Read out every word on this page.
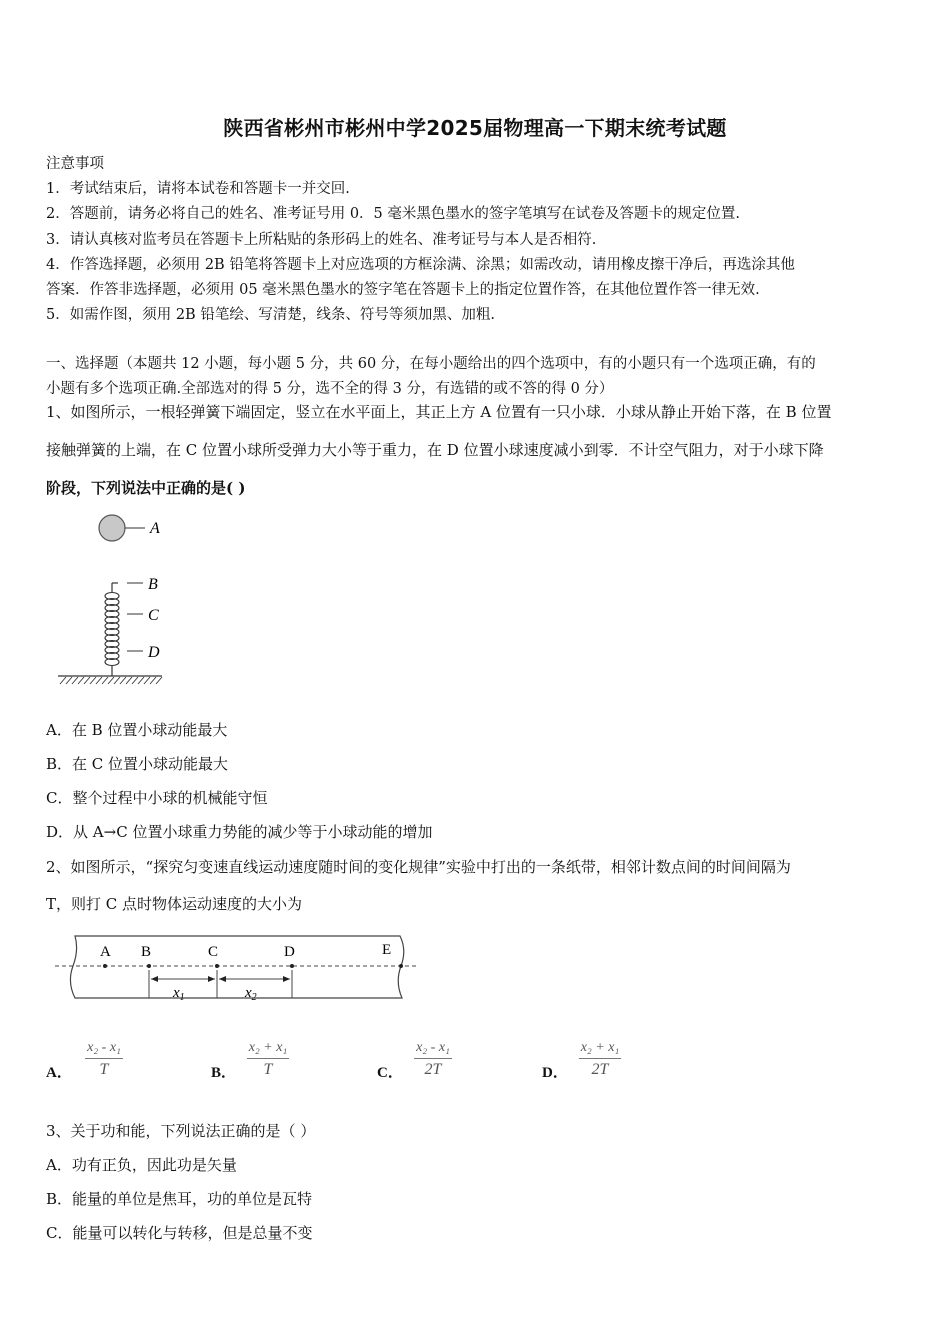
陕西省彬州市彬州中学2025届物理高一下期末统考试题
注意事项
1．考试结束后，请将本试卷和答题卡一并交回.
2．答题前，请务必将自己的姓名、准考证号用 0．5 毫米黑色墨水的签字笔填写在试卷及答题卡的规定位置.
3．请认真核对监考员在答题卡上所粘贴的条形码上的姓名、准考证号与本人是否相符.
4．作答选择题，必须用 2B 铅笔将答题卡上对应选项的方框涂满、涂黑；如需改动，请用橡皮擦干净后，再选涂其他
答案．作答非选择题，必须用 05 毫米黑色墨水的签字笔在答题卡上的指定位置作答，在其他位置作答一律无效.
5．如需作图，须用 2B 铅笔绘、写清楚，线条、符号等须加黑、加粗.
一、选择题（本题共 12 小题，每小题 5 分，共 60 分，在每小题给出的四个选项中，有的小题只有一个选项正确，有的
小题有多个选项正确.全部选对的得 5 分，选不全的得 3 分，有选错的或不答的得 0 分）
1、如图所示，一根轻弹簧下端固定，竖立在水平面上，其正上方 A 位置有一只小球．小球从静止开始下落，在 B 位置
接触弹簧的上端，在 C 位置小球所受弹力大小等于重力，在 D 位置小球速度减小到零．不计空气阻力，对于小球下降
阶段，下列说法中正确的是( )
A
B
C
D
A．在 B 位置小球动能最大
B．在 C 位置小球动能最大
C．整个过程中小球的机械能守恒
D．从 A→C 位置小球重力势能的减少等于小球动能的增加
2、如图所示，“探究匀变速直线运动速度随时间的变化规律”实验中打出的一条纸带，相邻计数点间的时间间隔为
T，则打 C 点时物体运动速度的大小为
A B	C	D	E
$x_1$	$x_2$
A． $\frac{\text{x₂ - x₁}}{T}$	B． $\frac{\text{x₂ + x₁}}{T}$	C． $\frac{\text{x₂ - x₁}}{2T}$	D． $\frac{\text{x₂ + x₁}}{2T}$
3、关于功和能，下列说法正确的是（ ）
A．功有正负，因此功是矢量
B．能量的单位是焦耳，功的单位是瓦特
C．能量可以转化与转移，但是总量不变
